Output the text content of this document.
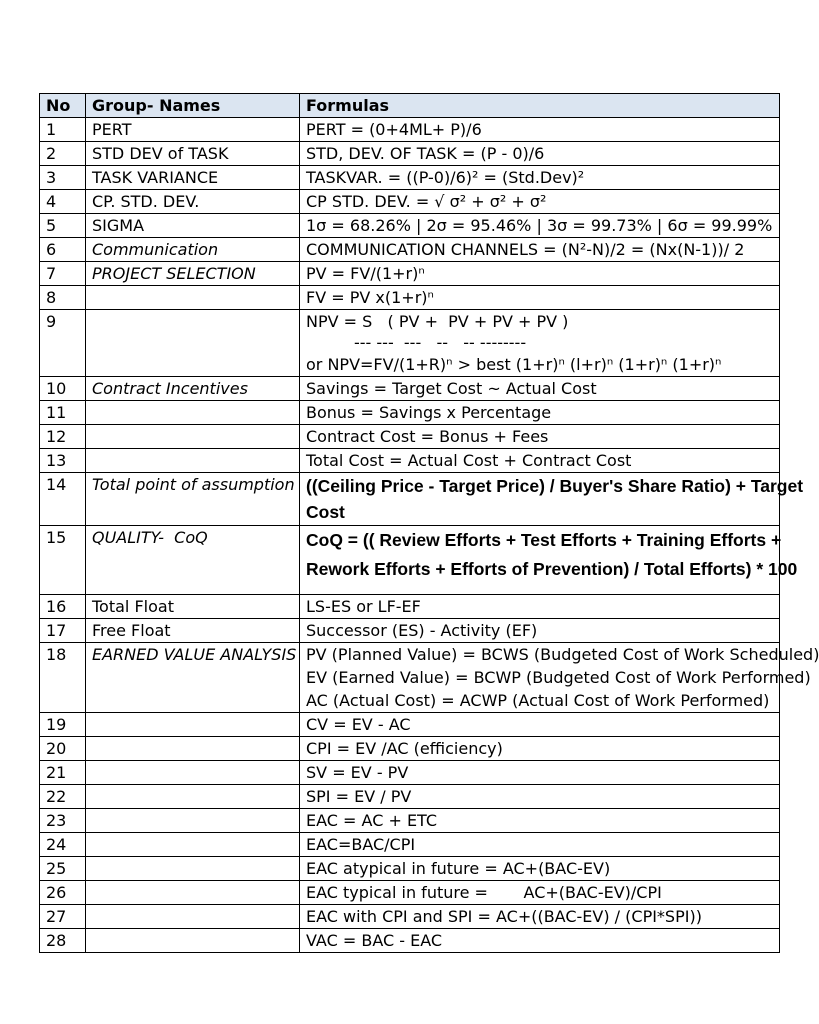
No	Group- Names	Formulas
1	PERT	PERT = (0+4ML+ P)/6
2	STD DEV of TASK	STD, DEV. OF TASK = (P - 0)/6
3	TASK VARIANCE	TASKVAR. = ((P-0)/6)² = (Std.Dev)²
4	CP. STD. DEV.	CP STD. DEV. = √ σ² + σ² + σ²
5	SIGMA	1σ = 68.26% | 2σ = 95.46% | 3σ = 99.73% | 6σ = 99.99%
6	Communication	COMMUNICATION CHANNELS = (N²-N)/2 = (Nx(N-1))/ 2
7	PROJECT SELECTION	PV = FV/(1+r)ⁿ
8		FV = PV x(1+r)ⁿ
9		NPV = S   ( PV +  PV + PV + PV )
--- ---  ---   --   -- --------
or NPV=FV/(1+R)ⁿ > best (1+r)ⁿ (l+r)ⁿ (1+r)ⁿ (1+r)ⁿ

10	Contract Incentives	Savings = Target Cost ~ Actual Cost
11		Bonus = Savings x Percentage
12		Contract Cost = Bonus + Fees
13		Total Cost = Actual Cost + Contract Cost
14	Total point of assumption	((Ceiling Price - Target Price) / Buyer's Share Ratio) + Target
Cost

15	QUALITY-  CoQ	CoQ = (( Review Efforts + Test Efforts + Training Efforts +
Rework Efforts + Efforts of Prevention) / Total Efforts) * 100

16	Total Float	LS-ES or LF-EF
17	Free Float	Successor (ES) - Activity (EF)
18	EARNED VALUE ANALYSIS	PV (Planned Value) = BCWS (Budgeted Cost of Work Scheduled)
EV (Earned Value) = BCWP (Budgeted Cost of Work Performed)
AC (Actual Cost) = ACWP (Actual Cost of Work Performed)

19		CV = EV - AC
20		CPI = EV /AC (efficiency)
21		SV = EV - PV
22		SPI = EV / PV
23		EAC = AC + ETC
24		EAC=BAC/CPI
25		EAC atypical in future = AC+(BAC-EV)
26		EAC typical in future =       AC+(BAC-EV)/CPI
27		EAC with CPI and SPI = AC+((BAC-EV) / (CPI*SPI))
28		VAC = BAC - EAC
